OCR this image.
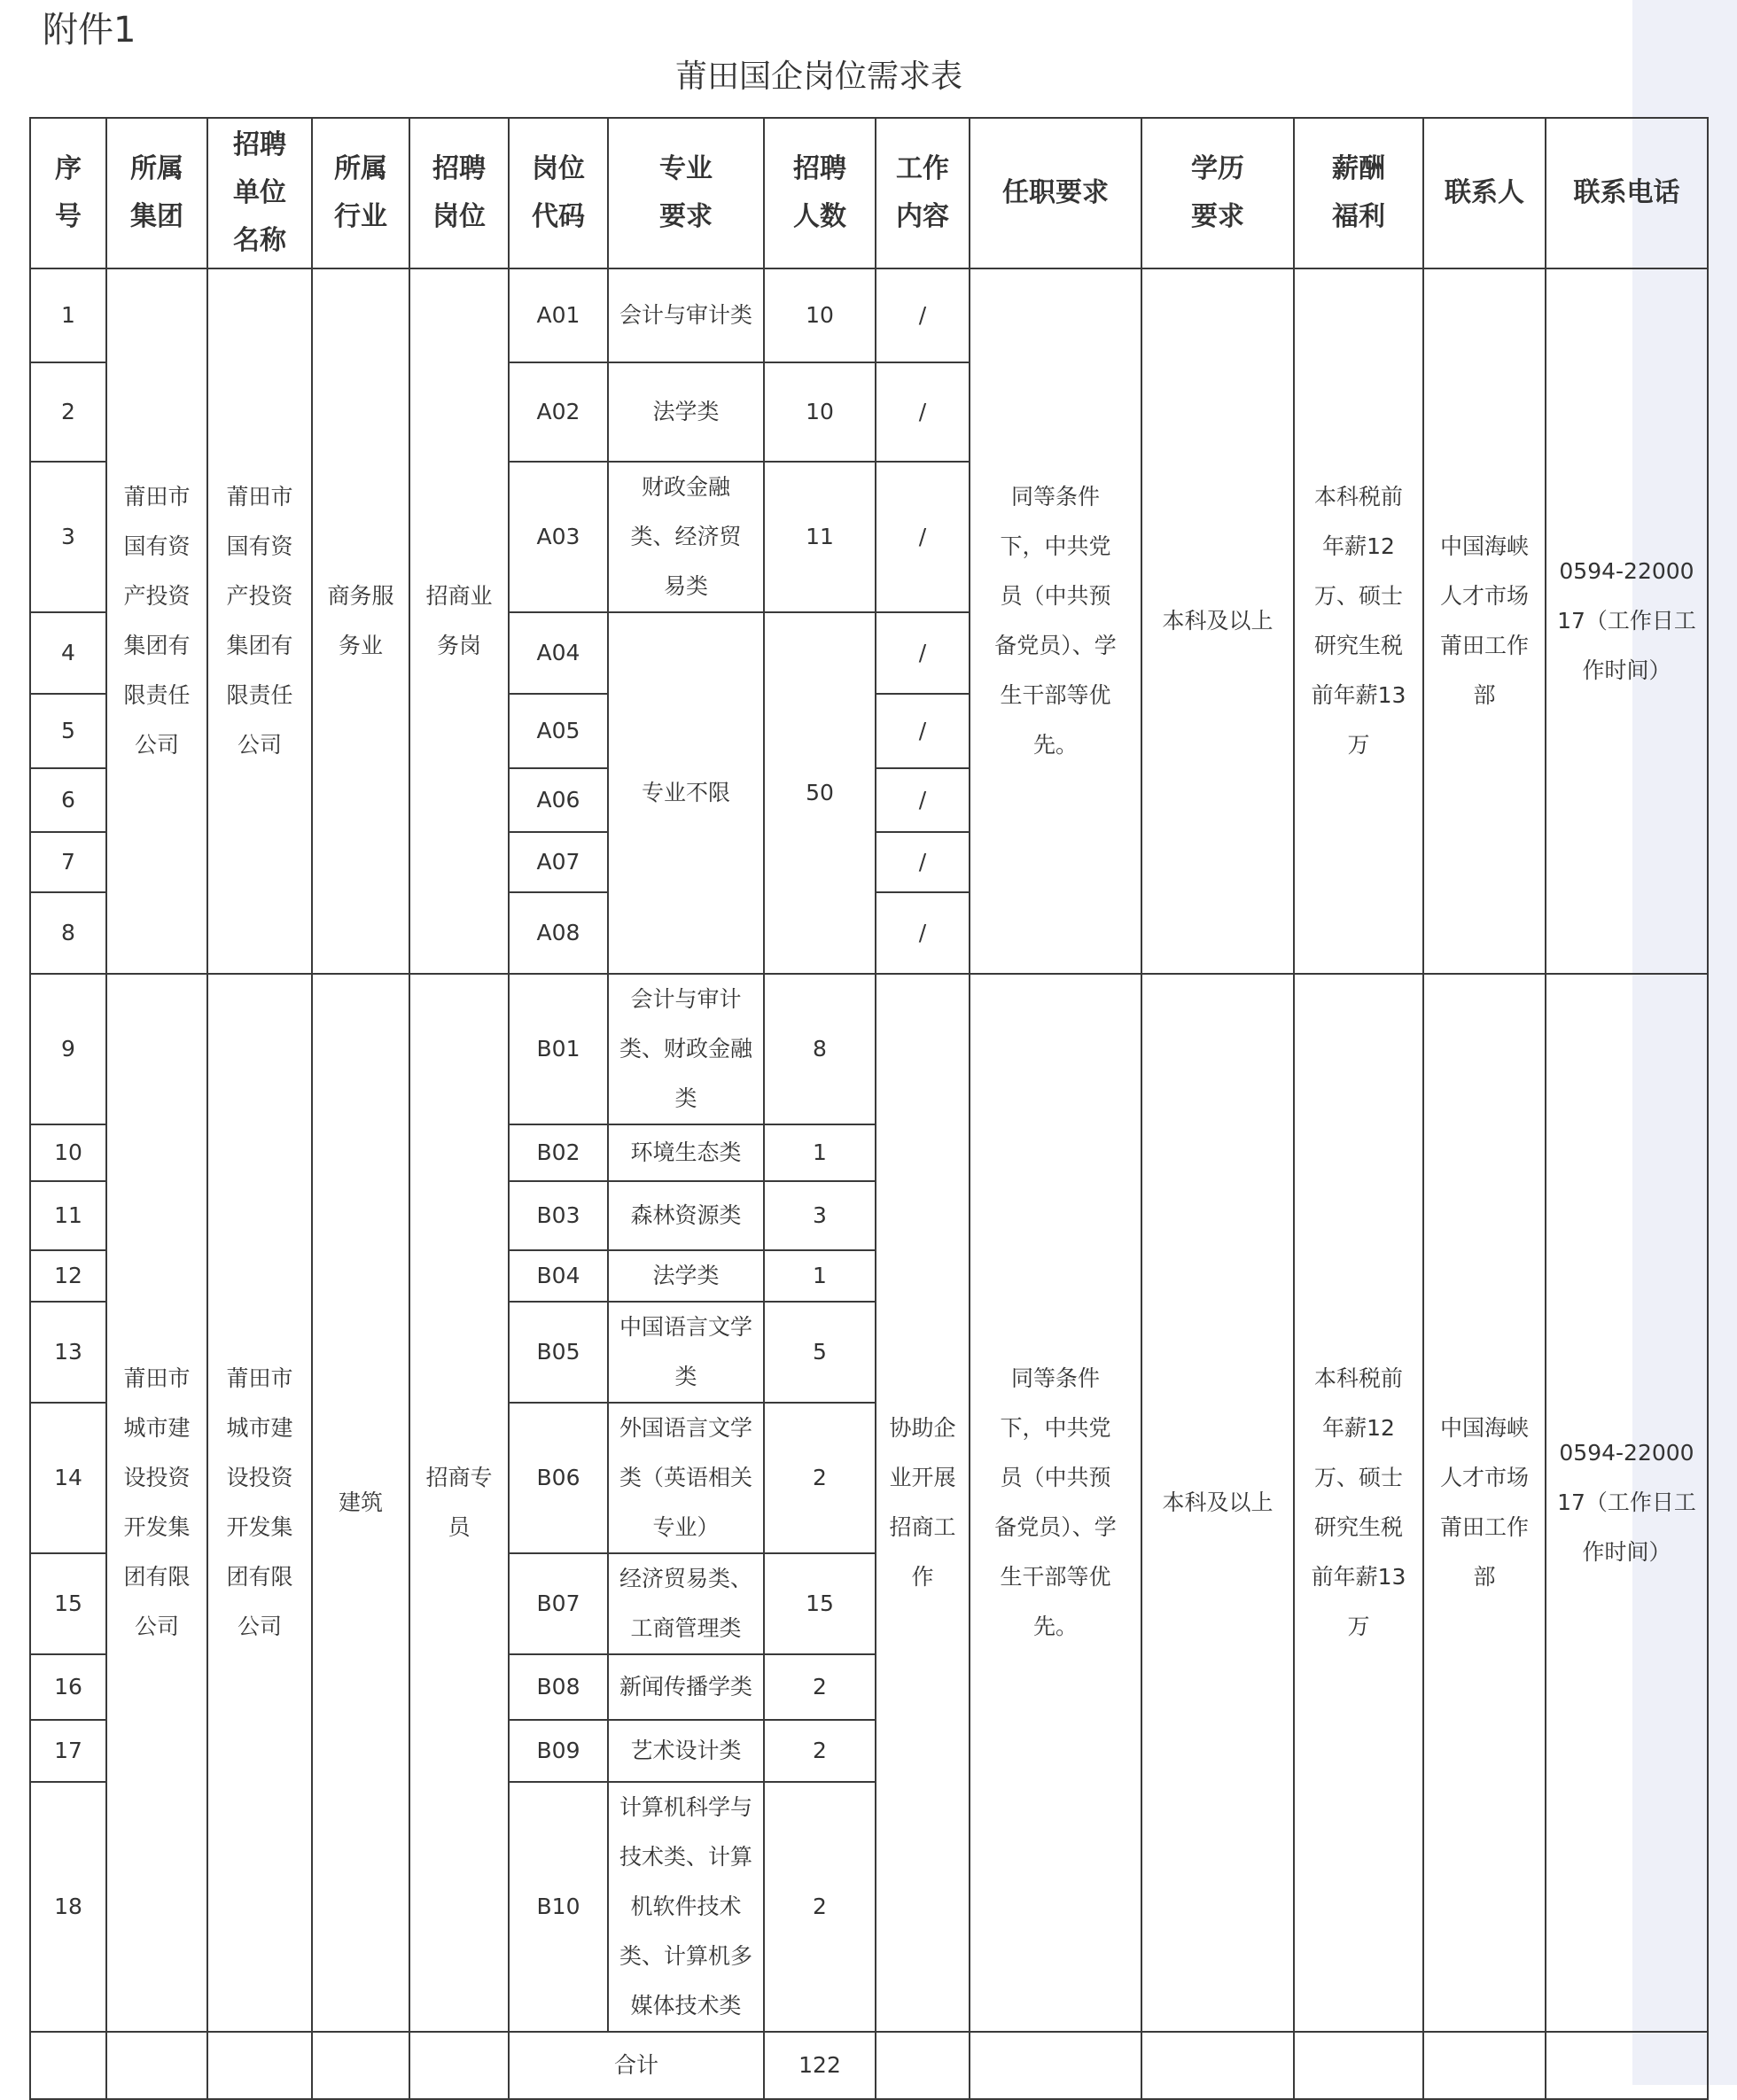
附件1
莆田国企岗位需求表
序号	所属集团	招聘单位名称	所属行业	招聘岗位	岗位代码	专业要求	招聘人数	工作内容	任职要求	学历要求	薪酬福利	联系人	联系电话
1	莆田市国有资产投资集团有限责任公司	莆田市国有资产投资集团有限责任公司	商务服务业	招商业务岗	A01	会计与审计类	10	/	同等条件下，中共党员（中共预备党员）、学生干部等优先。	本科及以上	本科税前年薪12万、硕士研究生税前年薪13万	中国海峡人才市场莆田工作部	0594-2200017（工作日工作时间）
2					A02	法学类	10	/					
3					A03	财政金融类、经济贸易类	11	/					
4					A04	专业不限	50	/					
5					A05			/					
6					A06			/					
7					A07			/					
8					A08			/					
9	莆田市城市建设投资开发集团有限公司	莆田市城市建设投资开发集团有限公司	建筑	招商专员	B01	会计与审计类、财政金融类	8	协助企业开展招商工作	同等条件下，中共党员（中共预备党员）、学生干部等优先。	本科及以上	本科税前年薪12万、硕士研究生税前年薪13万	中国海峡人才市场莆田工作部	0594-2200017（工作日工作时间）
10					B02	环境生态类	1						
11					B03	森林资源类	3						
12					B04	法学类	1						
13					B05	中国语言文学类	5						
14					B06	外国语言文学类（英语相关专业）	2						
15					B07	经济贸易类、工商管理类	15						
16					B08	新闻传播学类	2						
17					B09	艺术设计类	2						
18					B10	计算机科学与技术类、计算机软件技术类、计算机多媒体技术类	2						
					合计		122						
